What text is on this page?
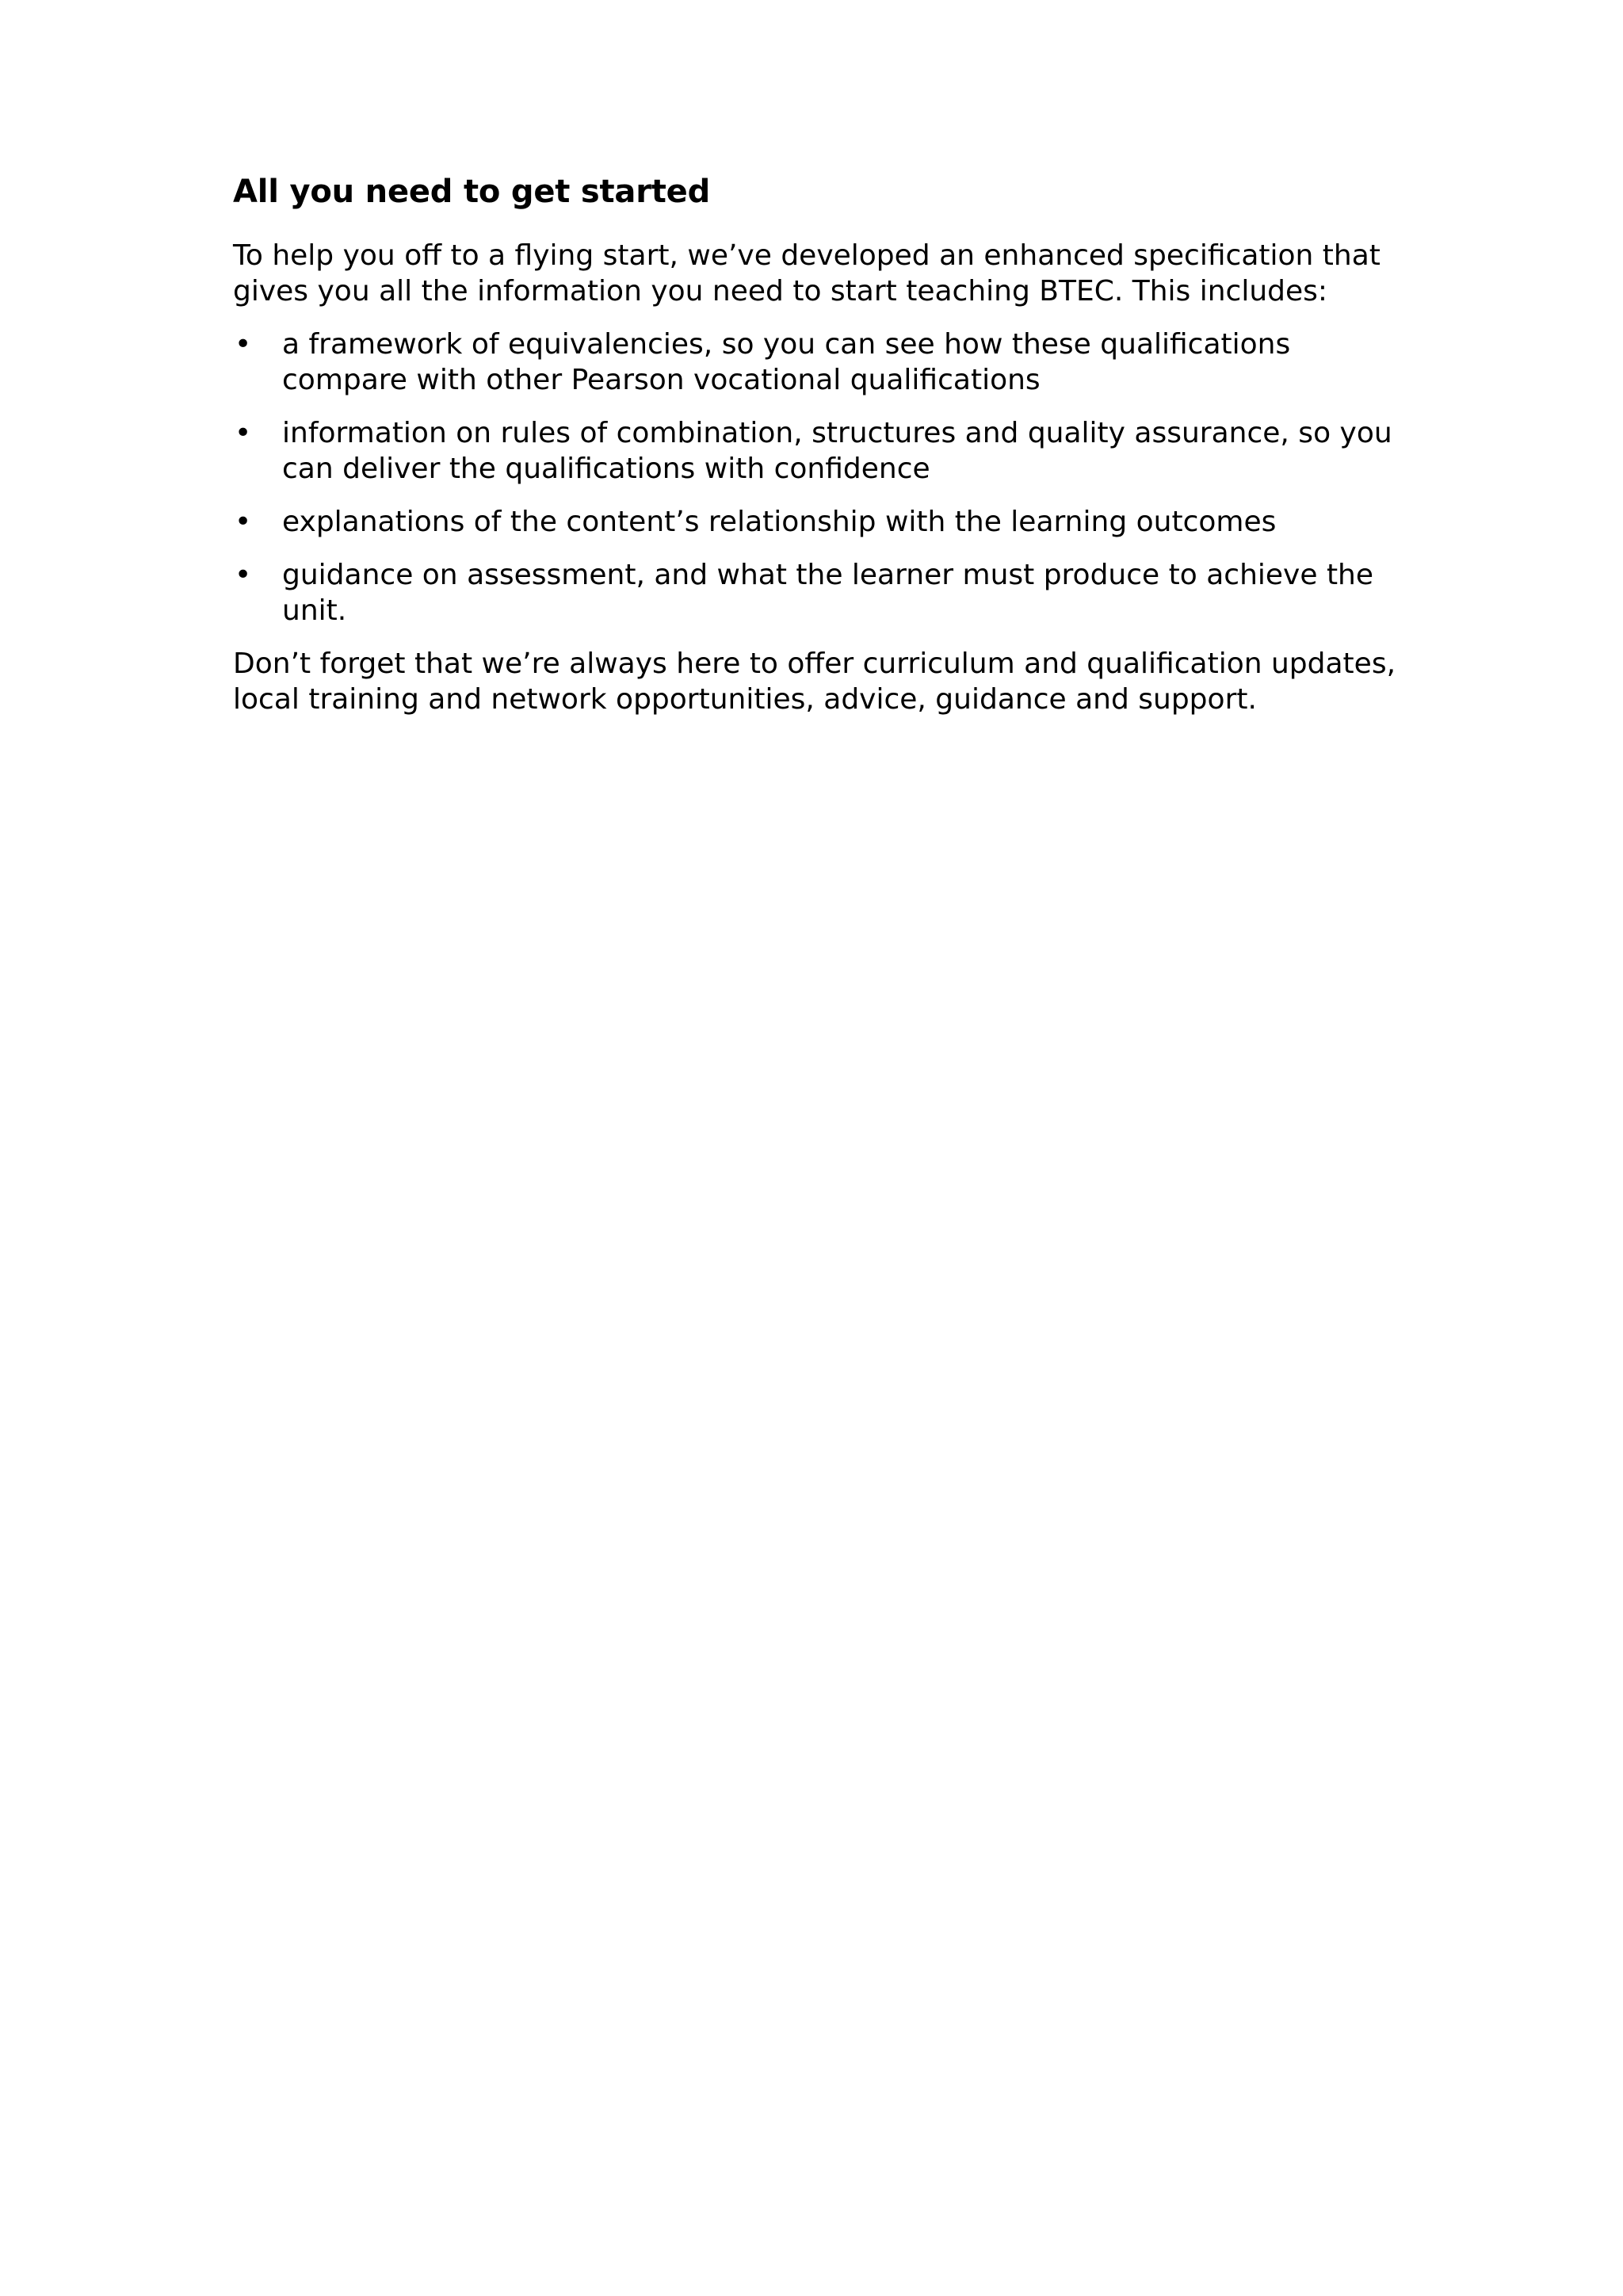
All you need to get started

To help you off to a flying start, we’ve developed an enhanced specification that gives you all the information you need to start teaching BTEC. This includes:

• a framework of equivalencies, so you can see how these qualifications compare with other Pearson vocational qualifications
• information on rules of combination, structures and quality assurance, so you can deliver the qualifications with confidence
• explanations of the content’s relationship with the learning outcomes
• guidance on assessment, and what the learner must produce to achieve the unit.

Don’t forget that we’re always here to offer curriculum and qualification updates, local training and network opportunities, advice, guidance and support.
